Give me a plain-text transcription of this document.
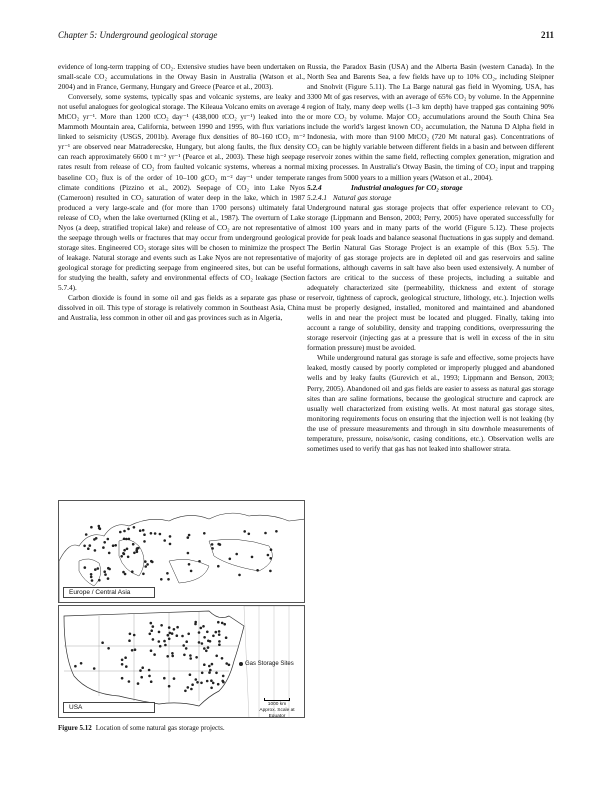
Chapter 5: Underground geological storage	211

evidence of long-term trapping of CO₂. Extensive studies have been undertaken on small-scale CO₂ accumulations in the Otway Basin in Australia (Watson et al., 2004) and in France, Germany, Hungary and Greece (Pearce et al., 2003).

Conversely, some systems, typically spas and volcanic systems, are leaky and not useful analogues for geological storage. The Kileaua Volcano emits on average 4 MtCO₂ yr⁻¹. More than 1200 tCO₂ day⁻¹ (438,000 tCO₂ yr⁻¹) leaked into the Mammoth Mountain area, California, between 1990 and 1995, with flux variations linked to seismicity (USGS, 2001b). Average flux densities of 80–160 tCO₂ m⁻² yr⁻¹ are observed near Matraderecske, Hungary, but along faults, the flux density can reach approximately 6600 t m⁻² yr⁻¹ (Pearce et al., 2003). These high seepage rates result from release of CO₂ from faulted volcanic systems, whereas a normal baseline CO₂ flux is of the order of 10–100 gCO₂ m⁻² day⁻¹ under temperate climate conditions (Pizzino et al., 2002). Seepage of CO₂ into Lake Nyos (Cameroon) resulted in CO₂ saturation of water deep in the lake, which in 1987 produced a very large-scale and (for more than 1700 persons) ultimately fatal release of CO₂ when the lake overturned (Kling et al., 1987). The overturn of Lake Nyos (a deep, stratified tropical lake) and release of CO₂ are not representative of the seepage through wells or fractures that may occur from underground geological storage sites. Engineered CO₂ storage sites will be chosen to minimize the prospect of leakage. Natural storage and events such as Lake Nyos are not representative of geological storage for predicting seepage from engineered sites, but can be useful for studying the health, safety and environmental effects of CO₂ leakage (Section 5.7.4).

Carbon dioxide is found in some oil and gas fields as a separate gas phase or dissolved in oil. This type of storage is relatively common in Southeast Asia, China and Australia, less common in other oil and gas provinces such as in Algeria,

Europe / Central Asia
Gas Storage Sites
1000 km
Approx. Scale at Equator
USA
Figure 5.12 Location of some natural gas storage projects.

Russia, the Paradox Basin (USA) and the Alberta Basin (western Canada). In the North Sea and Barents Sea, a few fields have up to 10% CO₂, including Sleipner and Snohvit (Figure 5.11). The La Barge natural gas field in Wyoming, USA, has 3300 Mt of gas reserves, with an average of 65% CO₂ by volume. In the Appennine region of Italy, many deep wells (1–3 km depth) have trapped gas containing 90% or more CO₂ by volume. Major CO₂ accumulations around the South China Sea include the world's largest known CO₂ accumulation, the Natuna D Alpha field in Indonesia, with more than 9100 MtCO₂ (720 Mt natural gas). Concentrations of CO₂ can be highly variable between different fields in a basin and between different reservoir zones within the same field, reflecting complex generation, migration and mixing processes. In Australia's Otway Basin, the timing of CO₂ input and trapping ranges from 5000 years to a million years (Watson et al., 2004).

5.2.4	Industrial analogues for CO₂ storage

5.2.4.1 Natural gas storage

Underground natural gas storage projects that offer experience relevant to CO₂ storage (Lippmann and Benson, 2003; Perry, 2005) have operated successfully for almost 100 years and in many parts of the world (Figure 5.12). These projects provide for peak loads and balance seasonal fluctuations in gas supply and demand. The Berlin Natural Gas Storage Project is an example of this (Box 5.5). The majority of gas storage projects are in depleted oil and gas reservoirs and saline formations, although caverns in salt have also been used extensively. A number of factors are critical to the success of these projects, including a suitable and adequately characterized site (permeability, thickness and extent of storage reservoir, tightness of caprock, geological structure, lithology, etc.). Injection wells must be properly designed, installed, monitored and maintained and abandoned wells in and near the project must be located and plugged. Finally, taking into account a range of solubility, density and trapping conditions, overpressuring the storage reservoir (injecting gas at a pressure that is well in excess of the in situ formation pressure) must be avoided.

While underground natural gas storage is safe and effective, some projects have leaked, mostly caused by poorly completed or improperly plugged and abandoned wells and by leaky faults (Gurevich et al., 1993; Lippmann and Benson, 2003; Perry, 2005). Abandoned oil and gas fields are easier to assess as natural gas storage sites than are saline formations, because the geological structure and caprock are usually well characterized from existing wells. At most natural gas storage sites, monitoring requirements focus on ensuring that the injection well is not leaking (by the use of pressure measurements and through in situ downhole measurements of temperature, pressure, noise/sonic, casing conditions, etc.). Observation wells are sometimes used to verify that gas has not leaked into shallower strata.
